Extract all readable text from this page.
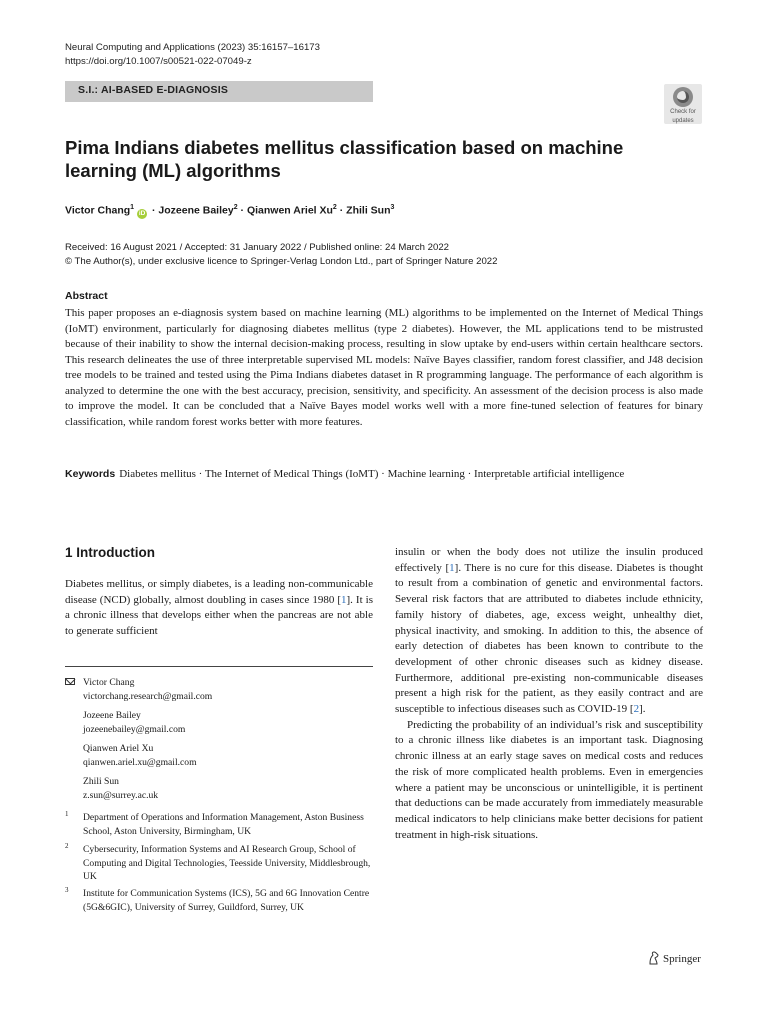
Neural Computing and Applications (2023) 35:16157–16173
https://doi.org/10.1007/s00521-022-07049-z
S.I.: AI-BASED E-DIAGNOSIS
Check for
updates
Pima Indians diabetes mellitus classification based on machine learning (ML) algorithms
Victor Chang$^1$iD · Jozeene Bailey$^2$ · Qianwen Ariel $Xu^2$ · Zhili Sun$^3$
Received: 16 August 2021 / Accepted: 31 January 2022 / Published online: 24 March 2022
© The Author(s), under exclusive licence to Springer-Verlag London Ltd., part of Springer Nature 2022
Abstract

This paper proposes an e-diagnosis system based on machine learning (ML) algorithms to be implemented on the Internet of Medical Things (IoMT) environment, particularly for diagnosing diabetes mellitus (type 2 diabetes). However, the ML applications tend to be mistrusted because of their inability to show the internal decision-making process, resulting in slow uptake by end-users within certain healthcare sectors. This research delineates the use of three interpretable supervised ML models: Naïve Bayes classifier, random forest classifier, and J48 decision tree models to be trained and tested using the Pima Indians diabetes dataset in R programming language. The performance of each algorithm is analyzed to determine the one with the best accuracy, precision, sensitivity, and specificity. An assessment of the decision process is also made to improve the model. It can be concluded that a Naïve Bayes model works well with a more fine-tuned selection of features for binary classification, while random forest works better with more features.

Keywords Diabetes mellitus · The Internet of Medical Things (IoMT) · Machine learning · Interpretable artificial intelligence
1 Introduction

Diabetes mellitus, or simply diabetes, is a leading non-communicable disease (NCD) globally, almost doubling in cases since 1980 [1]. It is a chronic illness that develops either when the pancreas are not able to generate sufficient

insulin or when the body does not utilize the insulin produced effectively [1]. There is no cure for this disease. Diabetes is thought to result from a combination of genetic and environmental factors. Several risk factors that are attributed to diabetes include ethnicity, family history of diabetes, age, excess weight, unhealthy diet, physical inactivity, and smoking. In addition to this, the absence of early detection of diabetes has been known to contribute to the development of other chronic diseases such as kidney disease. Furthermore, additional pre-existing non-communicable diseases present a high risk for the patient, as they easily contract and are susceptible to infectious diseases such as COVID-19 [2].

Predicting the probability of an individual’s risk and susceptibility to a chronic illness like diabetes is an important task. Diagnosing chronic illness at an early stage saves on medical costs and reduces the risk of more complicated health problems. Even in emergencies where a patient may be unconscious or unintelligible, it is pertinent that deductions can be made accurately from immediately measurable medical indicators to help clinicians make better decisions for patient treatment in high-risk situations.

Victor Chang
victorchang.research@gmail.com
Jozeene Bailey
jozeenebailey@gmail.com
Qianwen Ariel Xu
qianwen.ariel.xu@gmail.com
Zhili Sun
z.sun@surrey.ac.uk
1 Department of Operations and Information Management, Aston Business School, Aston University, Birmingham, UK
2 Cybersecurity, Information Systems and AI Research Group, School of Computing and Digital Technologies, Teesside University, Middlesbrough, UK
3 Institute for Communication Systems (ICS), 5G and 6G Innovation Centre (5G&6GIC), University of Surrey, Guildford, Surrey, UK
Springer
